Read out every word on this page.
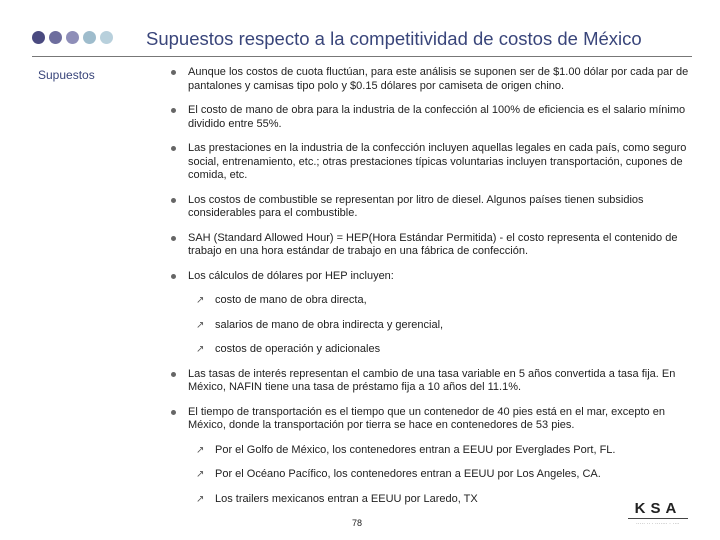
Supuestos respecto a la competitividad de costos de México
Supuestos	Aunque los costos de cuota fluctúan, para este análisis se suponen ser de $1.00 dólar por cada par de pantalones y camisas tipo polo y $0.15 dólares por camiseta de origen chino.
El costo de mano de obra para la industria de la confección al 100% de eficiencia es el salario mínimo dividido entre 55%.
Las prestaciones en la industria de la confección incluyen aquellas legales en cada país, como seguro social, entrenamiento, etc.; otras prestaciones típicas voluntarias incluyen transportación, cupones de comida, etc.
Los costos de combustible se representan por litro de diesel. Algunos países tienen subsidios considerables para el combustible.
SAH (Standard Allowed Hour) = HEP(Hora Estándar Permitida) - el costo representa el contenido de trabajo en una hora estándar de trabajo en una fábrica de confección.
Los cálculos de dólares por HEP incluyen:
↗ costo de mano de obra directa,
↗ salarios de mano de obra indirecta y gerencial,
↗ costos de operación y adicionales
Las tasas de interés representan el cambio de una tasa variable en 5 años convertida a tasa fija. En México, NAFIN tiene una tasa de préstamo fija a 10 años del 11.1%.
El tiempo de transportación es el tiempo que un contenedor de 40 pies está en el mar, excepto en México, donde la transportación por tierra se hace en contenedores de 53 pies.
↗ Por el Golfo de México, los contenedores entran a EEUU por Everglades Port, FL.
↗ Por el Océano Pacífico, los contenedores entran a EEUU por Los Angeles, CA.
↗ Los trailers mexicanos entran a EEUU por Laredo, TX
78
KSA
····· ·· · ······· · ····
